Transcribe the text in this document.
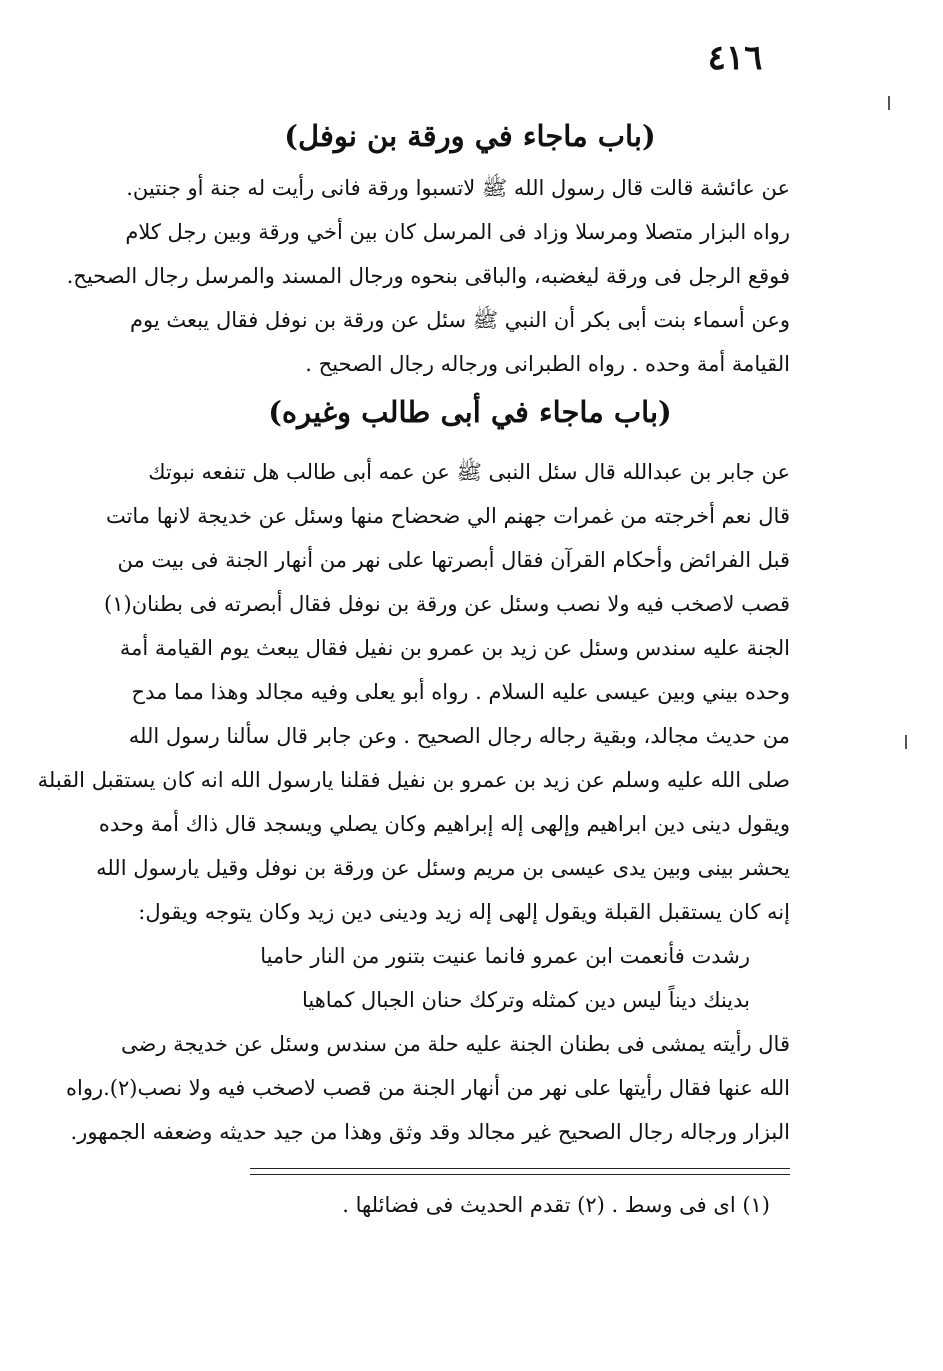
٤١٦
(باب ماجاء في ورقة بن نوفل)
عن عائشة قالت قال رسول الله ﷺ لاتسبوا ورقة فانى رأيت له جنة أو جنتين.
رواه البزار متصلا ومرسلا وزاد فى المرسل كان بين أخي ورقة وبين رجل كلام
فوقع الرجل فى ورقة ليغضبه، والباقى بنحوه ورجال المسند والمرسل رجال الصحيح.
وعن أسماء بنت أبى بكر أن النبي ﷺ سئل عن ورقة بن نوفل فقال يبعث يوم
القيامة أمة وحده . رواه الطبرانى ورجاله رجال الصحيح .
(باب ماجاء في أبى طالب وغيره)
عن جابر بن عبدالله قال سئل النبى ﷺ عن عمه أبى طالب هل تنفعه نبوتك
قال نعم أخرجته من غمرات جهنم الي ضحضاح منها وسئل عن خديجة لانها ماتت
قبل الفرائض وأحكام القرآن فقال أبصرتها على نهر من أنهار الجنة فى بيت من
قصب لاصخب فيه ولا نصب وسئل عن ورقة بن نوفل فقال أبصرته فى بطنان(١)
الجنة عليه سندس وسئل عن زيد بن عمرو بن نفيل فقال يبعث يوم القيامة أمة
وحده بيني وبين عيسى عليه السلام . رواه أبو يعلى وفيه مجالد وهذا مما مدح
من حديث مجالد، وبقية رجاله رجال الصحيح . وعن جابر قال سألنا رسول الله
صلى الله عليه وسلم عن زيد بن عمرو بن نفيل فقلنا يارسول الله انه كان يستقبل القبلة
ويقول دينى دين ابراهيم وإلهى إله إبراهيم وكان يصلي ويسجد قال ذاك أمة وحده
يحشر بينى وبين يدى عيسى بن مريم وسئل عن ورقة بن نوفل وقيل يارسول الله
إنه كان يستقبل القبلة ويقول إلهى إله زيد ودينى دين زيد وكان يتوجه ويقول:
رشدت فأنعمت ابن عمرو فانما عنيت بتنور من النار حاميا
بدينك ديناً ليس دين كمثله وتركك حنان الجبال كماهيا
قال رأيته يمشى فى بطنان الجنة عليه حلة من سندس وسئل عن خديجة رضى
الله عنها فقال رأيتها على نهر من أنهار الجنة من قصب لاصخب فيه ولا نصب(٢).رواه
البزار ورجاله رجال الصحيح غير مجالد وقد وثق وهذا من جيد حديثه وضعفه الجمهور.
(١) اى فى وسط . (٢) تقدم الحديث فى فضائلها .
